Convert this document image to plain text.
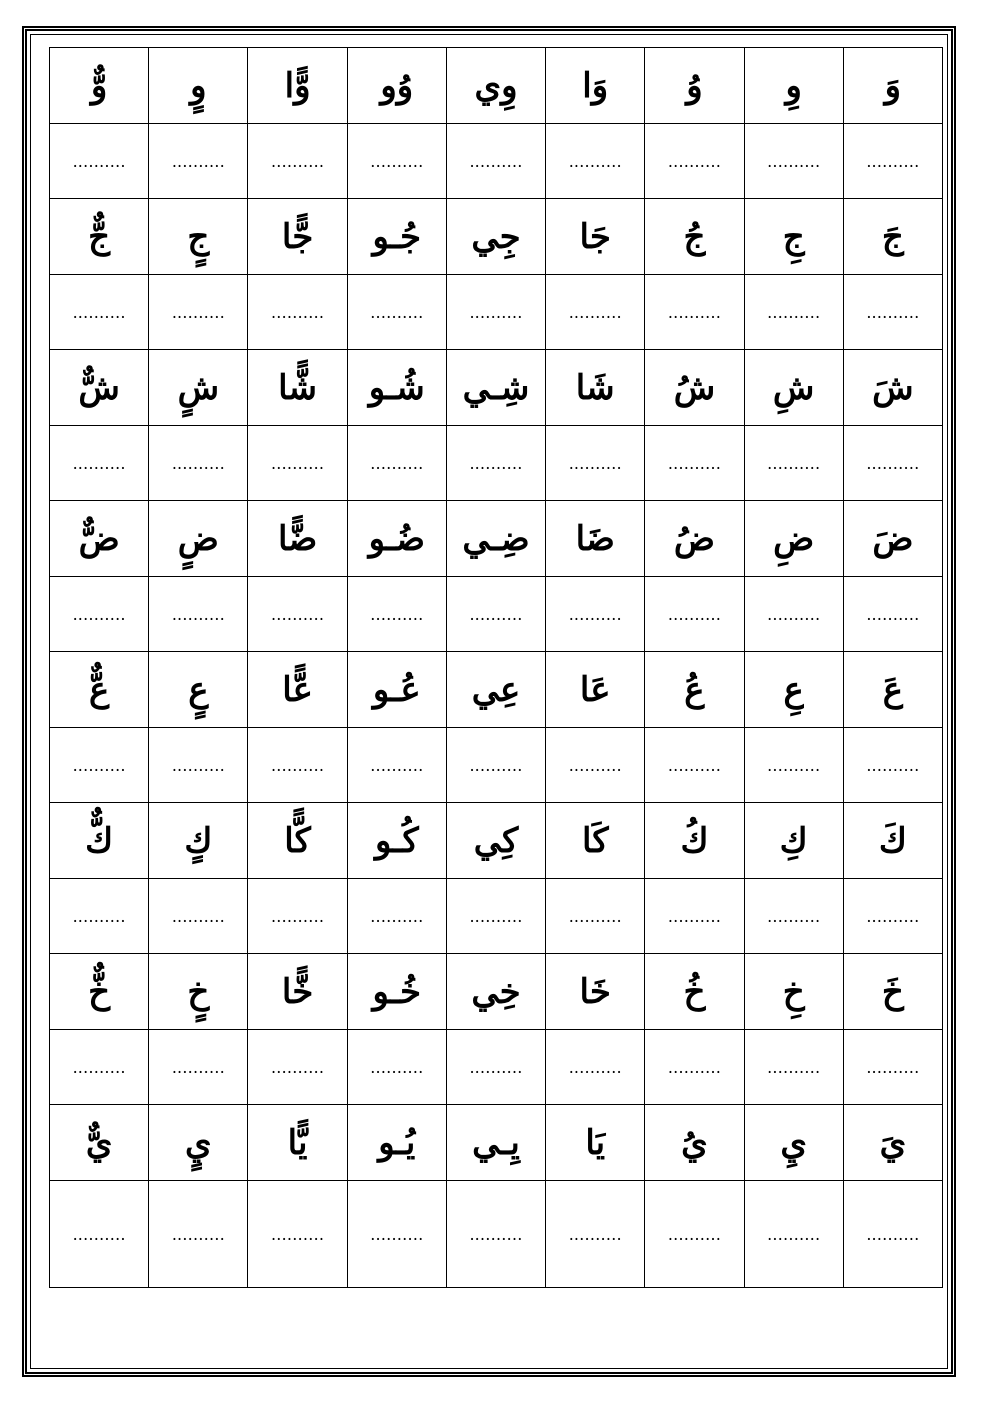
وَ	وِ	وُ	وَا	وِي	وُو	وًّا	وٍ	وٌّ
……….	……….	……….	……….	……….	……….	……….	……….	……….
جَ	جِ	جُ	جَا	جِي	جُـو	جًّا	جٍ	جٌّ
……….	……….	……….	……….	……….	……….	……….	……….	……….
شَ	شِ	شُ	شَا	شِـي	شُـو	شًّا	شٍ	شٌّ
……….	……….	……….	……….	……….	……….	……….	……….	……….
ضَ	ضِ	ضُ	ضَا	ضِـي	ضُـو	ضًّا	ضٍ	ضٌّ
……….	……….	……….	……….	……….	……….	……….	……….	……….
عَ	عِ	عُ	عَا	عِي	عُـو	عًّا	عٍ	عٌّ
……….	……….	……….	……….	……….	……….	……….	……….	……….
كَ	كِ	كُ	كَا	كِي	كُـو	كًّا	كٍ	كٌّ
……….	……….	……….	……….	……….	……….	……….	……….	……….
خَ	خِ	خُ	خَا	خِي	خُـو	خًّا	خٍ	خٌّ
……….	……….	……….	……….	……….	……….	……….	……….	……….
يَ	يِ	يُ	يَا	يِـي	يُـو	يًّا	يٍ	يٌّ
……….	……….	……….	……….	……….	……….	……….	……….	……….
